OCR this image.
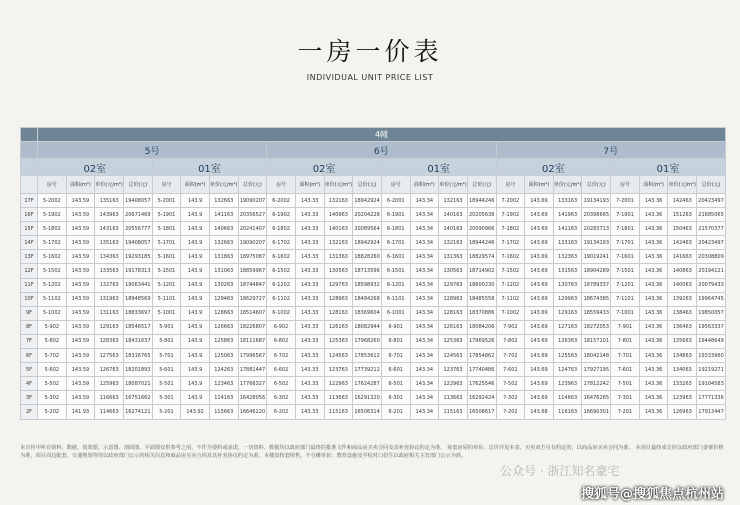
一房一价表
INDIVIDUAL UNIT PRICE LIST
	4幢																							
	5号								6号								7号							
	02室				01室				02室				01室				02室				01室			
	房号	面积(m²)	单价(元/m²)	总价(元)	房号	面积(m²)	单价(元/m²)	总价(元)	房号	面积(m²)	单价(元/m²)	总价(元)	房号	面积(m²)	单价(元/m²)	总价(元)	房号	面积(m²)	单价(元/m²)	总价(元)	房号	面积(m²)	单价(元/m²)	总价(元)
17F	5-2002	143.59	135163	19408057	5-2001	143.9	132663	19090207	6-2002	143.33	132163	18942924	6-2001	143.34	132163	18944246	7-2002	143.69	133163	19134193	7-2001	143.36	142463	20423497
16F	5-1902	143.59	143963	20671469	5-1901	143.9	141163	20356527	6-1902	143.33	140963	20204228	6-1901	143.34	140163	20205638	7-1902	143.69	141963	20398665	7-1901	143.36	151263	21685065
15F	5-1802	143.59	143163	20556777	5-1801	143.9	140663	20241407	6-1802	143.33	140163	20089564	6-1801	143.34	140163	20090966	7-1802	143.69	141163	20283713	7-1801	143.36	150463	21570377
14F	5-1702	143.59	135163	19408057	5-1701	143.9	132663	19090207	6-1702	143.33	132163	18942924	6-1701	143.34	132163	18944246	7-1702	143.69	133163	19134193	7-1701	143.36	142463	20423497
13F	5-1602	143.59	134363	19293185	5-1601	143.9	131863	18975087	6-1602	143.33	131363	18828260	6-1601	143.34	131363	18829574	7-1602	143.69	132363	19019241	7-1601	143.36	141663	20308809
12F	5-1502	143.59	133563	19178313	5-1501	143.9	131063	18859967	6-1502	143.33	130563	18713596	6-1501	143.34	130563	18714902	7-1502	143.69	131563	18904289	7-1501	143.36	140863	20194121
11F	5-1202	143.59	132763	19063441	5-1201	143.9	130263	18744847	6-1202	143.33	129763	18598932	6-1201	143.34	129763	18600230	7-1202	143.69	130763	18789337	7-1201	143.36	140063	20079433
10F	5-1102	143.59	131963	18948569	5-1101	143.9	129463	18629727	6-1102	143.33	128963	18484268	6-1101	143.34	128963	18485558	7-1102	143.69	129963	18674385	7-1101	143.36	139263	19964745
9F	5-1002	143.59	131163	18833697	5-1001	143.9	128663	18514607	6-1002	143.33	128163	18369604	6-1001	143.34	128163	18370886	7-1002	143.69	129163	18559433	7-1001	143.36	138463	19850057
8F	5-902	143.59	129163	18546517	5-901	143.9	126663	18226807	6-902	143.33	126163	18082944	6-901	143.34	126163	18084206	7-902	143.69	127163	18272053	7-901	143.36	136463	19563337
7F	5-802	143.59	128363	18431637	5-801	143.9	125863	18111687	6-802	143.33	125363	17968260	6-801	143.34	125363	17969526	7-802	143.69	126363	18157101	7-801	143.36	135663	19448649
6F	5-702	143.59	127563	18316765	5-701	143.9	125063	17996567	6-702	143.33	124563	17853612	6-701	143.34	124563	17854862	7-702	143.69	125563	18042148	7-701	143.36	134863	19333960
5F	5-602	143.59	126763	18201893	5-601	143.9	124263	17881447	6-602	143.33	123763	17739212	6-601	143.34	123763	17740486	7-602	143.69	124763	17927195	7-601	143.36	134063	19219271
4F	5-502	143.59	125963	18087021	5-501	143.9	123463	17766327	6-502	143.33	122963	17624287	6-501	143.34	122963	17625546	7-502	143.69	123963	17812242	7-501	143.36	133263	19104583
3F	5-302	143.59	116663	16751662	5-301	143.9	114163	16428056	6-302	143.33	113663	16291320	6-301	143.34	113663	16292424	7-302	143.69	114663	16476265	7-301	143.36	123963	17771336
2F	5-202	141.93	114663	16274121	5-201	143.92	115663	16646220	6-202	143.33	115163	16506314	6-201	143.34	115163	16508617	7-202	143.68	116163	16690301	7-201	143.36	126963	17913447
本宣传中所有资料、数据、效果图、示意图、剖面图、平面图仅供参考之用，不作为要约或承诺，一切资料、数据均以政府部门最终的批准文件和商品房买卖合同及其补充协议约定为准。 每套房屋的单价、总价详见本表，买卖双方另有约定的，以商品房买卖合同为准。 本项目最终成交价以政府部门备案价格为准，项目周边配套、交通规划等均以政府部门公示的相关信息和商品房买卖合同及其补充协议约定为准。本楼盘按套销售，不分摊单价；教育设施及学校对口招生以政府相关主管部门公示为准。
公众号 · 浙江知名豪宅
搜狐号@搜狐焦点杭州站
